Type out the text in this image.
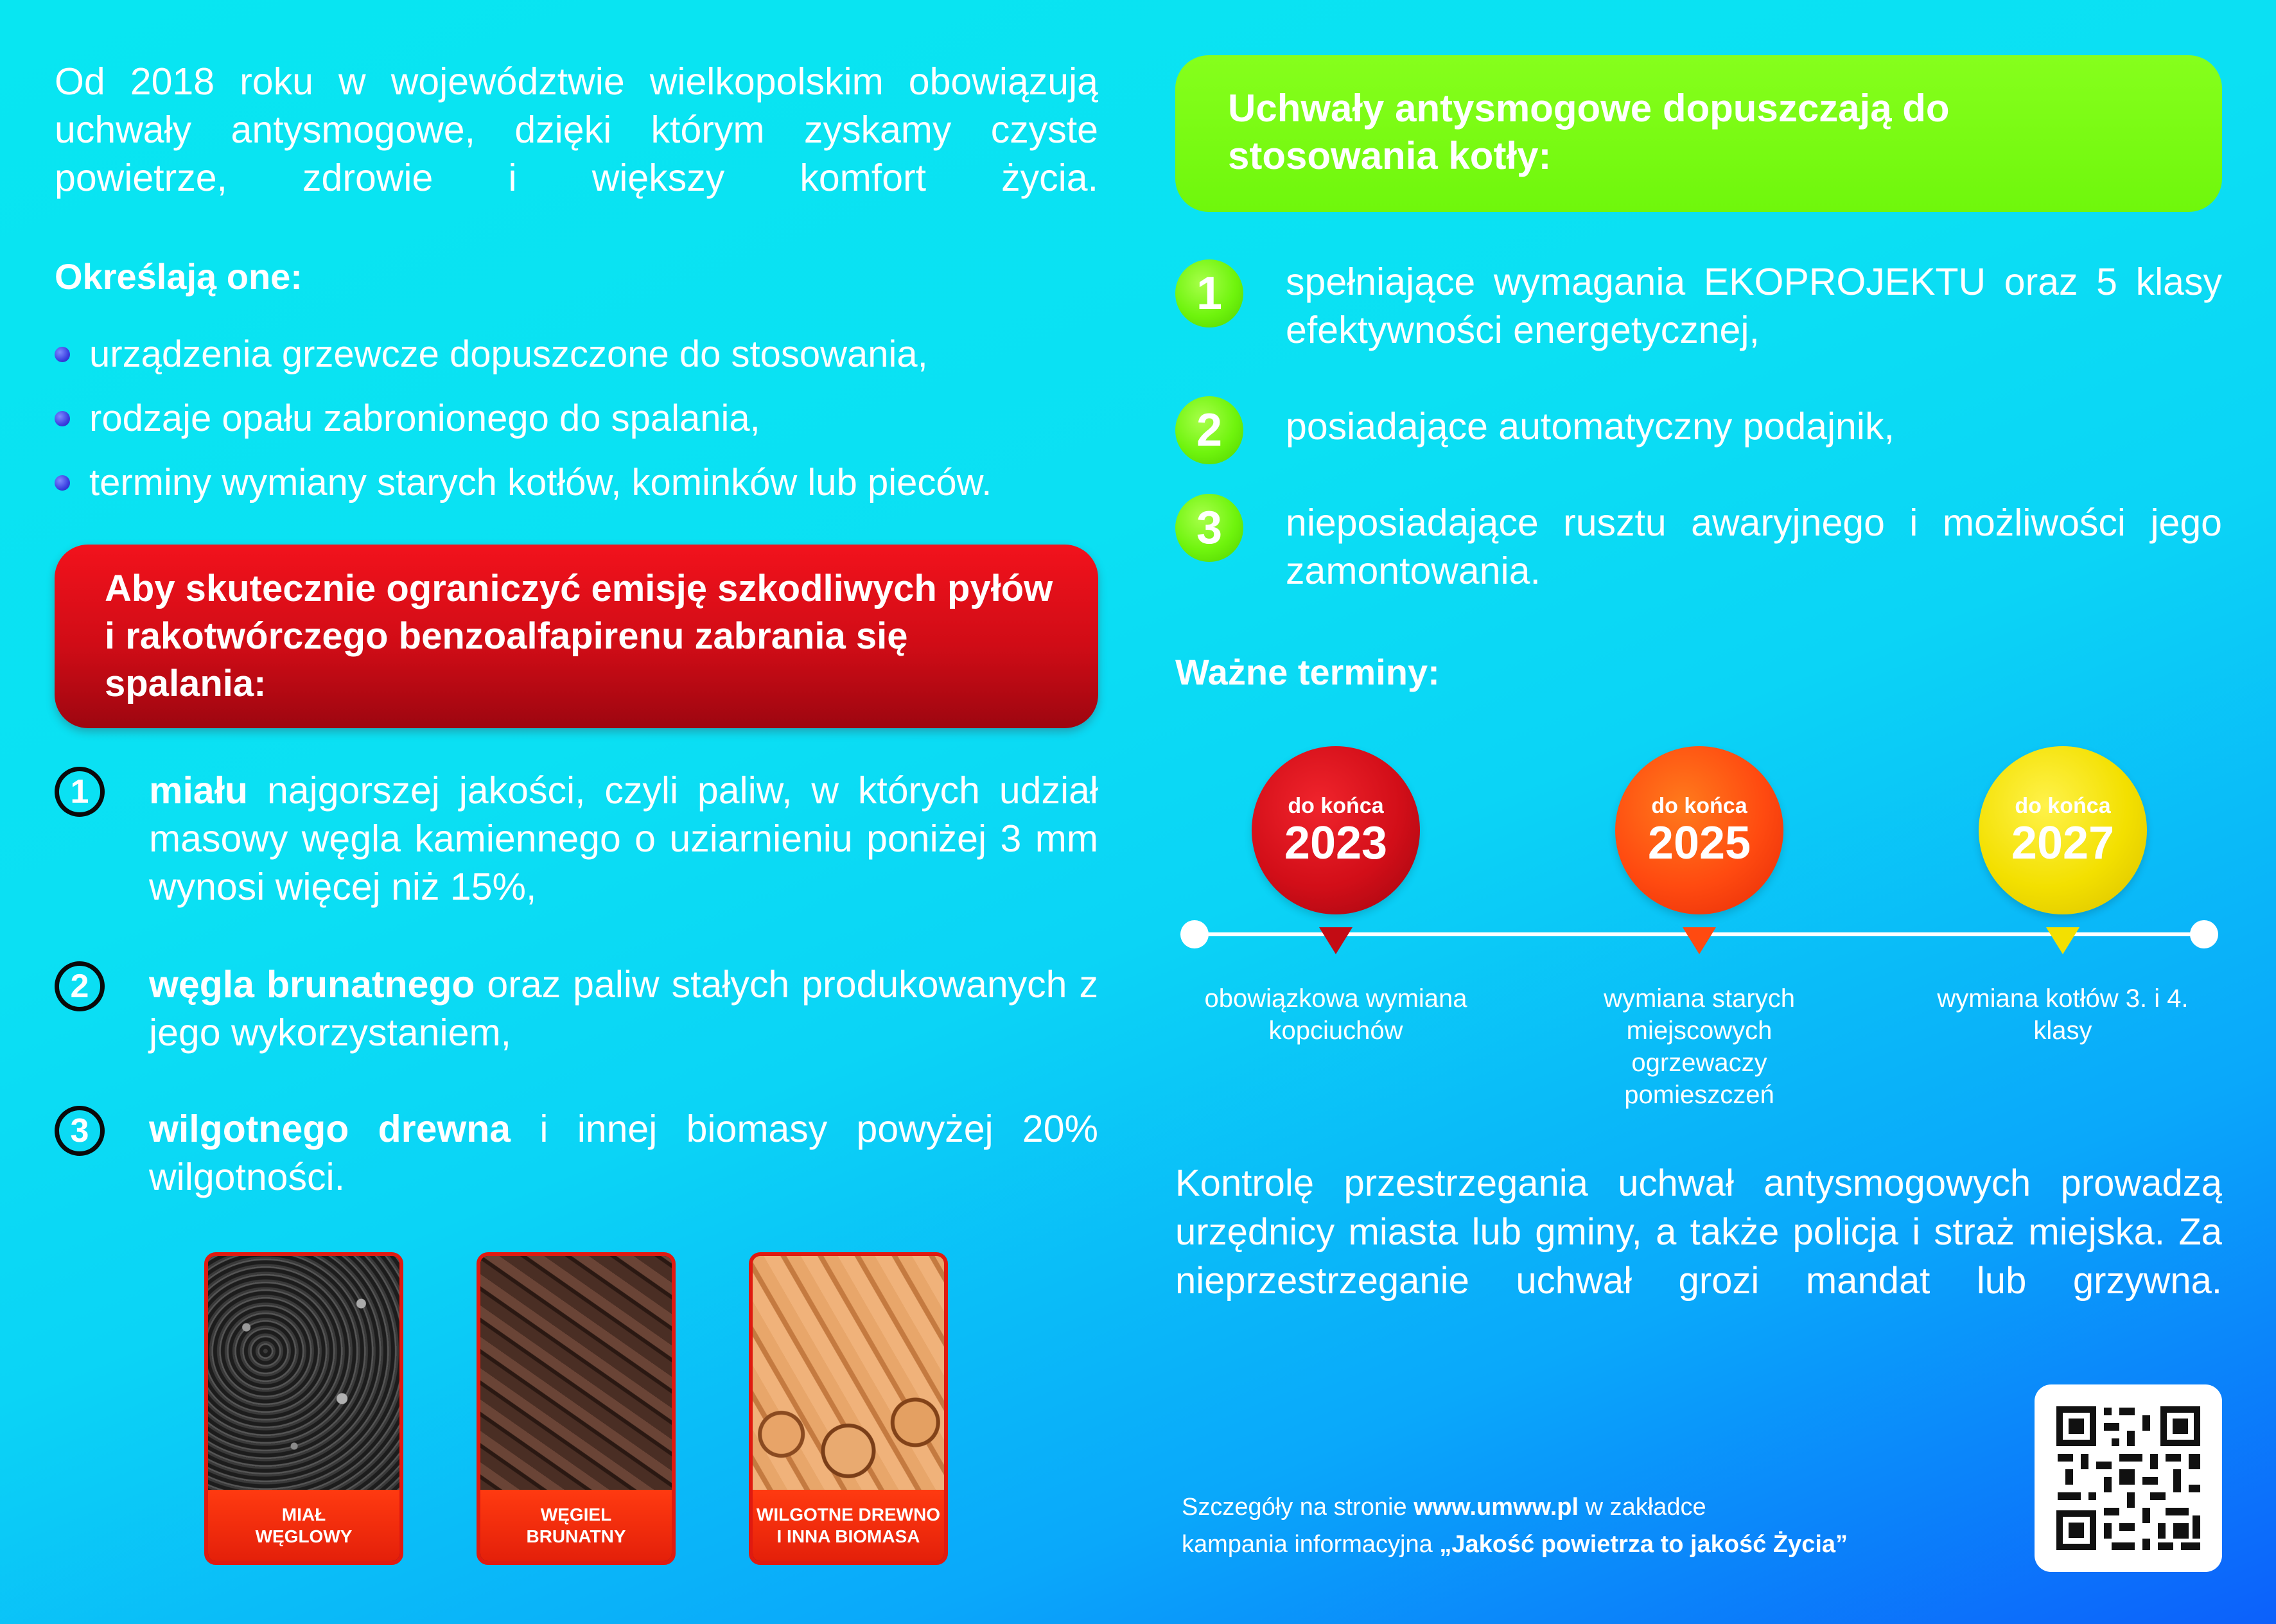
Od 2018 roku w województwie wielkopolskim obowiązują uchwały antysmogowe, dzięki którym zyskamy czyste powietrze, zdrowie i większy komfort życia.

Określają one:
urządzenia grzewcze dopuszczone do stosowania,
rodzaje opału zabronionego do spalania,
terminy wymiany starych kotłów, kominków lub pieców.

Aby skutecznie ograniczyć emisję szkodliwych pyłów i rakotwórczego benzoalfapirenu zabrania się spalania:

1	miału najgorszej jakości, czyli paliw, w których udział masowy węgla kamiennego o uziarnieniu poniżej 3 mm wynosi więcej niż 15%,

2	węgla brunatnego oraz paliw stałych produkowanych z jego wykorzystaniem,

3	wilgotnego drewna i innej biomasy powyżej 20% wilgotności.

MIAŁ
WĘGLOWY
WĘGIEL
BRUNATNY
WILGOTNE DREWNO
I INNA BIOMASA

Uchwały antysmogowe dopuszczają do stosowania kotły:

1	spełniające wymagania EKOPROJEKTU oraz 5 klasy efektywności energetycznej,

2	posiadające automatyczny podajnik,

3	nieposiadające rusztu awaryjnego i możliwości jego zamontowania.

Ważne terminy:
do końca
2023
obowiązkowa wymiana kopciuchów
do końca
2025
wymiana starych miejscowych ogrzewaczy pomieszczeń
do końca
2027
wymiana kotłów 3. i 4. klasy

Kontrolę przestrzegania uchwał antysmogowych prowadzą urzędnicy miasta lub gminy, a także policja i straż miejska. Za nieprzestrzeganie uchwał grozi mandat lub grzywna.

Szczegóły na stronie www.umww.pl w zakładce
kampania informacyjna „Jakość powietrza to jakość Życia”
